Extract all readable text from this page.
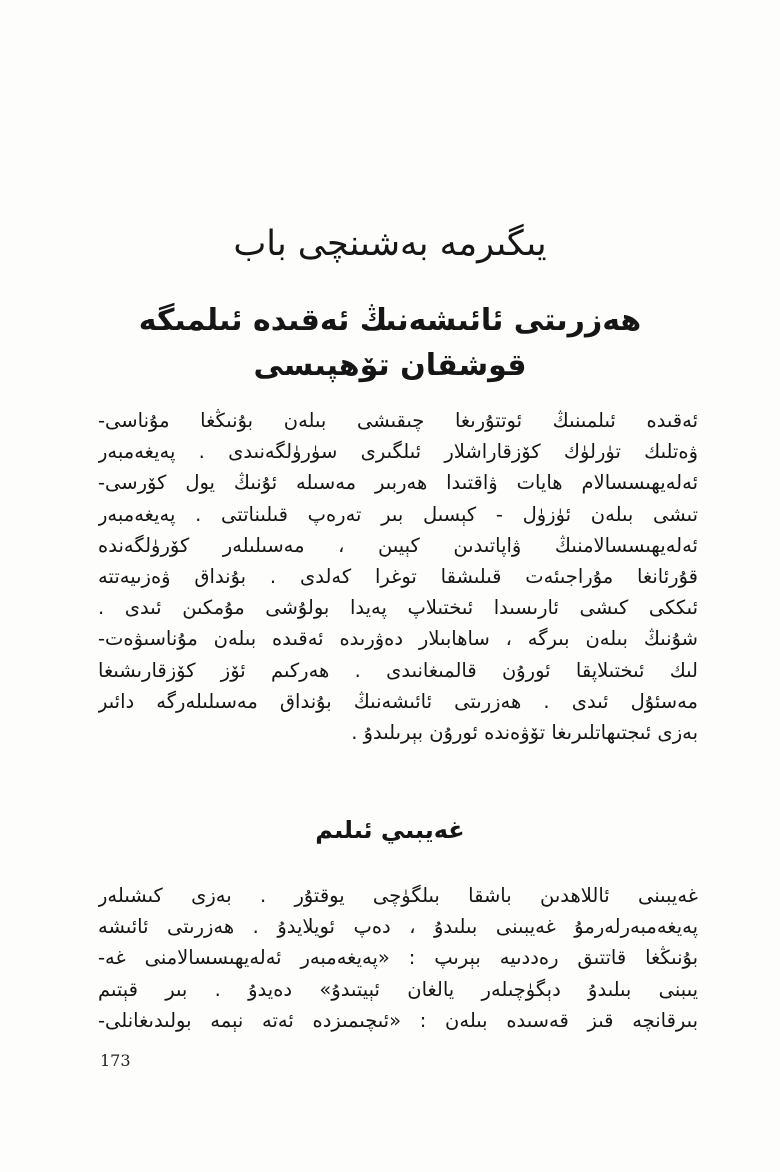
يىگىرمە بەشىنچى باب
ھەزرىتى ئائىشەنىڭ ئەقىدە ئىلمىگە
قوشقان تۆھپىسى
ئەقىدە ئىلمىنىڭ ئوتتۇرىغا چىقىشى بىلەن بۇنىڭغا مۇناسى-
ۋەتلىك تۈرلۈك كۆزقاراشلار ئىلگىرى سۈرۈلگەنىدى . پەيغەمبەر
ئەلەيھىسسالام ھايات ۋاقتىدا ھەربىر مەسىلە ئۇنىڭ يول كۆرسى-
تىشى بىلەن ئۈزۈل - كېسىل بىر تەرەپ قىلىناتتى . پەيغەمبەر
ئەلەيھىسسالامنىڭ ۋاپاتىدىن كېيىن ، مەسىلىلەر كۆرۈلگەندە
قۇرئانغا مۇراجىئەت قىلىشقا توغرا كەلدى . بۇنداق ۋەزىيەتتە
ئىككى كىشى ئارىسىدا ئىختىلاپ پەيدا بولۇشى مۇمكىن ئىدى .
شۇنىڭ بىلەن بىرگە ، ساھابىلار دەۋرىدە ئەقىدە بىلەن مۇناسىۋەت-
لىك ئىختىلاپقا ئورۇن قالمىغانىدى . ھەركىم ئۆز كۆزقارىشىغا
مەسئۇل ئىدى . ھەزرىتى ئائىشەنىڭ بۇنداق مەسىلىلەرگە دائىر
بەزى ئىجتىھاتلىرىغا تۆۋەندە ئورۇن بېرىلىدۇ .
غەيبىي ئىلىم
غەيبىنى ئاللاھدىن باشقا بىلگۈچى يوقتۇر . بەزى كىشىلەر
پەيغەمبەرلەرمۇ غەيبىنى بىلىدۇ ، دەپ ئويلايدۇ . ھەزرىتى ئائىشە
بۇنىڭغا قاتتىق رەددىيە بېرىپ : «پەيغەمبەر ئەلەيھىسسالامنى غە-
يىبنى بىلىدۇ دېگۈچىلەر يالغان ئېيتىدۇ» دەيدۇ . بىر قېتىم
بىرقانچە قىز قەسىدە بىلەن : «ئىچىمىزدە ئەتە نېمە بولىدىغانلى-
173
